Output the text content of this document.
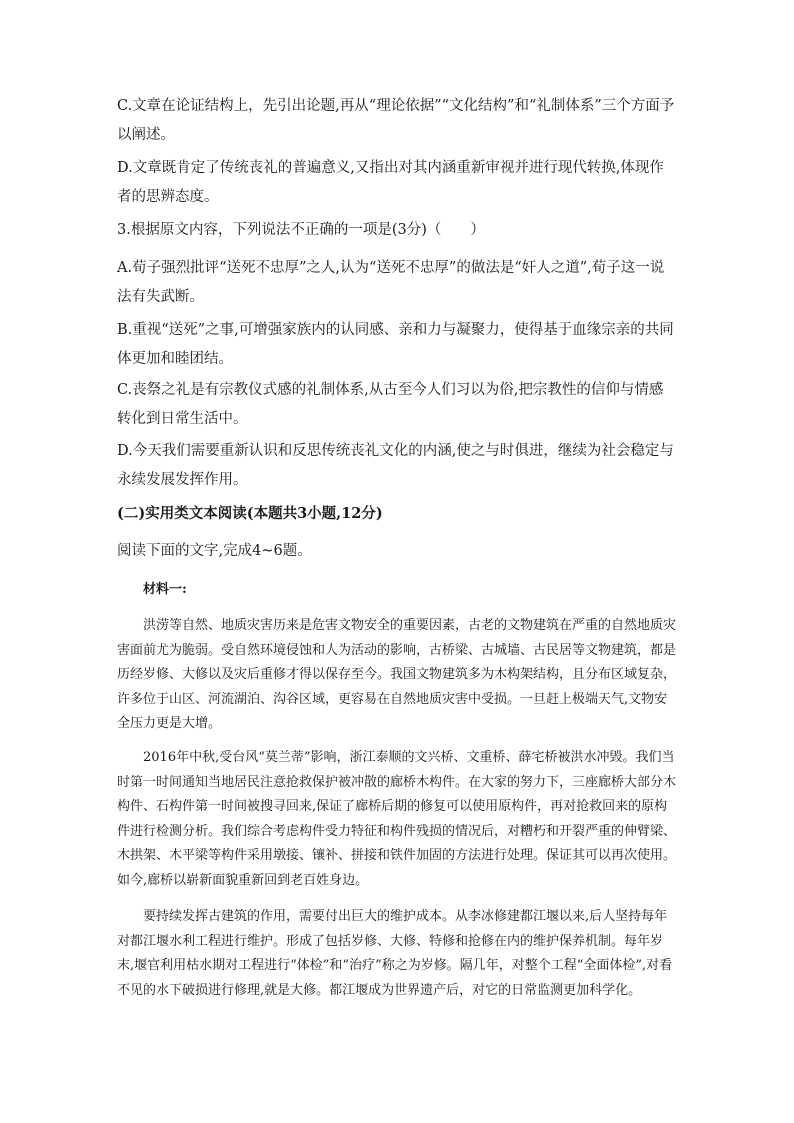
C.文章在论证结构上，先引出论题,再从“理论依据”“文化结构”和“礼制体系”三个方面予以阐述。

D.文章既肯定了传统丧礼的普遍意义,又指出对其内涵重新审视并进行现代转换,体现作者的思辨态度。

3.根据原文内容，下列说法不正确的一项是(3分)（　　）

A.荀子强烈批评“送死不忠厚”之人,认为“送死不忠厚”的做法是“奸人之道”,荀子这一说法有失武断。

B.重视“送死”之事,可增强家族内的认同感、亲和力与凝聚力，使得基于血缘宗亲的共同体更加和睦团结。

C.丧祭之礼是有宗教仪式感的礼制体系,从古至今人们习以为俗,把宗教性的信仰与情感转化到日常生活中。

D.今天我们需要重新认识和反思传统丧礼文化的内涵,使之与时俱进，继续为社会稳定与永续发展发挥作用。

(二)实用类文本阅读(本题共3小题,12分)

阅读下面的文字,完成4~6题。

材料一:

洪涝等自然、地质灾害历来是危害文物安全的重要因素，古老的文物建筑在严重的自然地质灾害面前尤为脆弱。受自然环境侵蚀和人为活动的影响，古桥梁、古城墙、古民居等文物建筑，都是历经岁修、大修以及灾后重修才得以保存至今。我国文物建筑多为木构架结构，且分布区域复杂，许多位于山区、河流湖泊、沟谷区域，更容易在自然地质灾害中受损。一旦赶上极端天气,文物安全压力更是大增。

2016年中秋,受台风“莫兰蒂”影响，浙江泰顺的文兴桥、文重桥、薛宅桥被洪水冲毁。我们当时第一时间通知当地居民注意抢救保护被冲散的廊桥木构件。在大家的努力下，三座廊桥大部分木构件、石构件第一时间被搜寻回来,保证了廊桥后期的修复可以使用原构件，再对抢救回来的原构件进行检测分析。我们综合考虑构件受力特征和构件残损的情况后，对糟朽和开裂严重的伸臂梁、木拱架、木平梁等构件采用墩接、镶补、拼接和铁件加固的方法进行处理。保证其可以再次使用。如今,廊桥以崭新面貌重新回到老百姓身边。

要持续发挥古建筑的作用，需要付出巨大的维护成本。从李冰修建都江堰以来,后人坚持每年对都江堰水利工程进行维护。形成了包括岁修、大修、特修和抢修在内的维护保养机制。每年岁末,堰官利用枯水期对工程进行“体检”和“治疗”称之为岁修。隔几年，对整个工程“全面体检”,对看不见的水下破损进行修理,就是大修。都江堰成为世界遗产后，对它的日常监测更加科学化。
